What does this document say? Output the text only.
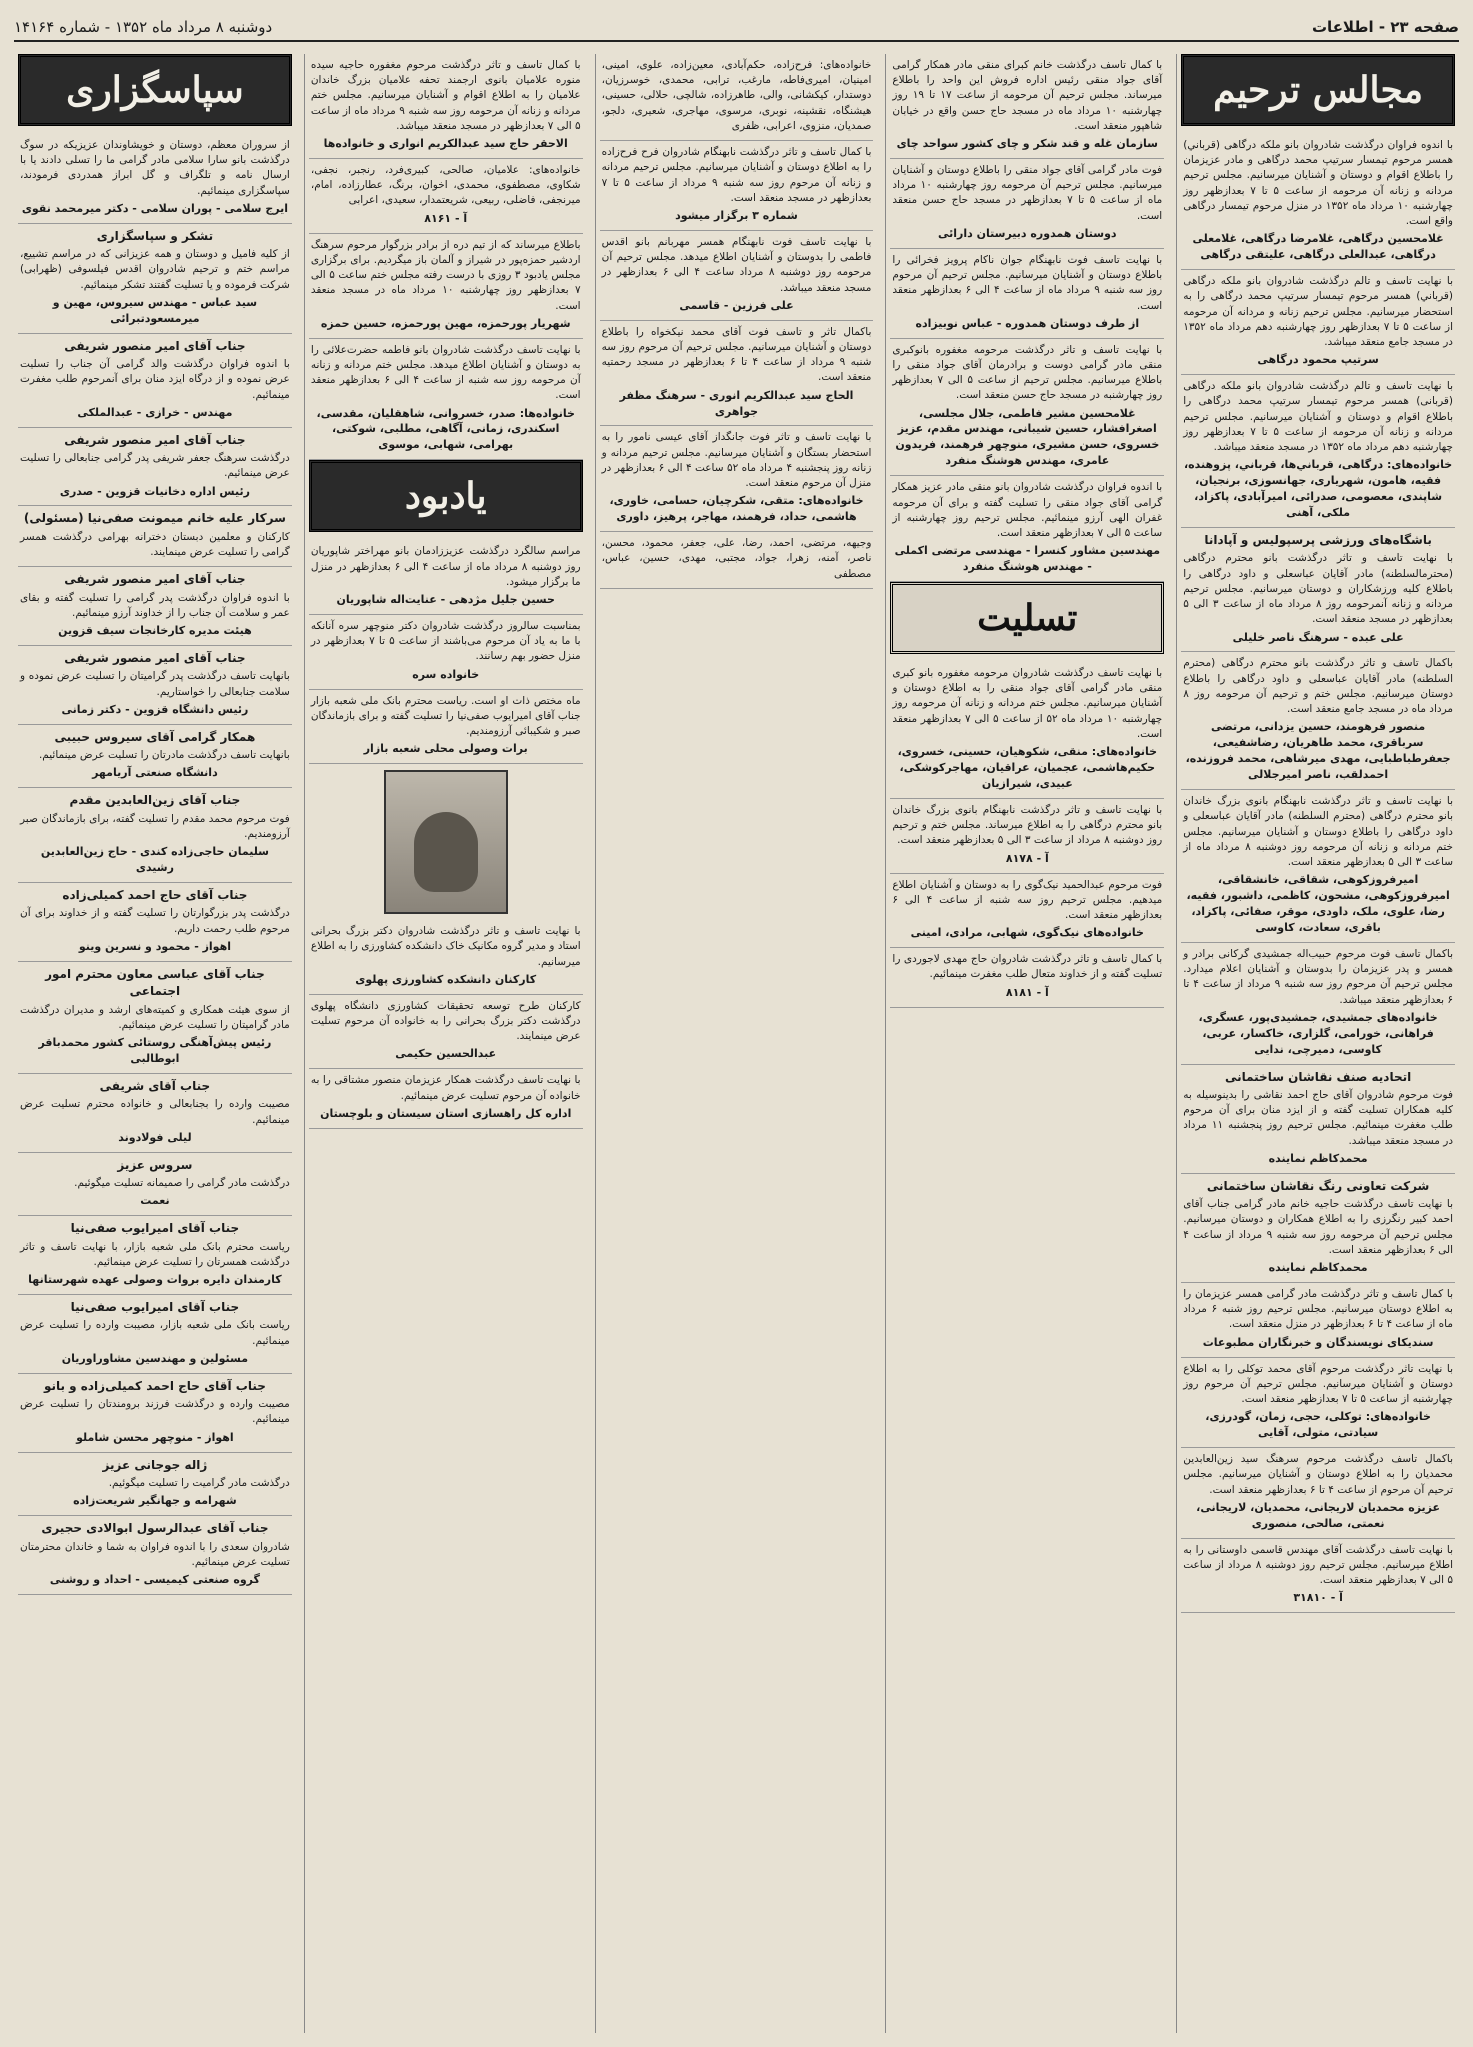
صفحه ۲۳ - اطلاعات
دوشنبه ۸ مرداد ماه ۱۳۵۲ - شماره ۱۴۱۶۴
مجالس ترحیم
با اندوه فراوان درگذشت شادروان بانو ملکه درگاهی (قرباني) همسر مرحوم تیمسار سرتیپ محمد درگاهی و مادر عزیزمان را باطلاع اقوام و دوستان و آشنایان میرسانیم. مجلس ترحیم مردانه و زنانه آن مرحومه از ساعت ۵ تا ۷ بعدازظهر روز چهارشنبه ۱۰ مرداد ماه ۱۳۵۲ در منزل مرحوم تیمسار درگاهی واقع است.
غلامحسین درگاهی، غلامرضا درگاهی، غلامعلی درگاهی، عبدالعلی درگاهی، علیتقی درگاهی
با نهایت تاسف و تالم درگذشت شادروان بانو ملکه درگاهی (قرباني) همسر مرحوم تیمسار سرتیپ محمد درگاهی را به استحضار میرسانیم. مجلس ترحیم زنانه و مردانه آن مرحومه از ساعت ۵ تا ۷ بعدازظهر روز چهارشنبه دهم مرداد ماه ۱۳۵۲ در مسجد جامع منعقد میباشد.
سرتیپ محمود درگاهی
با نهایت تاسف و تالم درگذشت شادروان بانو ملکه درگاهی (قربانی) همسر مرحوم تیمسار سرتیپ محمد درگاهی را باطلاع اقوام و دوستان و آشنایان میرسانیم. مجلس ترحیم مردانه و زنانه آن مرحومه از ساعت ۵ تا ۷ بعدازظهر روز چهارشنبه دهم مرداد ماه ۱۳۵۲ در مسجد منعقد میباشد.
خانواده‌های: درگاهی، قرباني‌ها، قرباني، پزوهنده، فقیه، هامون، شهریاری، جهانسوزی، برنجیان، شاپندی، معصومی، صدرائی، امیرآبادی، پاکزاد، ملکی، آهنی
باشگاه‌های ورزشی پرسپولیس و آپادانا
با نهایت تاسف و تاثر درگذشت بانو محترم درگاهی (محترمالسلطنه) مادر آقایان عباسعلی و داود درگاهی را باطلاع کلیه ورزشکاران و دوستان میرسانیم. مجلس ترحیم مردانه و زنانه آنمرحومه روز ۸ مرداد ماه از ساعت ۳ الی ۵ بعدازظهر در مسجد منعقد است.
علی عبده - سرهنگ ناصر خلیلی
باکمال تاسف و تاثر درگذشت بانو محترم درگاهی (محترم السلطنه) مادر آقایان عباسعلی و داود درگاهی را باطلاع دوستان میرسانیم. مجلس ختم و ترحیم آن مرحومه روز ۸ مرداد ماه در مسجد جامع منعقد است.
منصور فرهومند، حسین یزدانی، مرتضی سرباقری، محمد طاهریان، رضاشفیعی، جعفرطباطبایی، مهدی میرشاهی، محمد فروزنده، احمدلقب، ناصر امیرجلالی
با نهایت تاسف و تاثر درگذشت نابهنگام بانوی بزرگ خاندان بانو محترم درگاهی (محترم السلطنه) مادر آقایان عباسعلی و داود درگاهی را باطلاع دوستان و آشنایان میرسانیم. مجلس ختم مردانه و زنانه آن مرحومه روز دوشنبه ۸ مرداد ماه از ساعت ۳ الی ۵ بعدازظهر منعقد است.
امیرفروزکوهی، شقاقی، خانشقاقی، امیرفروزکوهی، مشحون، کاظمی، داشبور، فقیه، رضا، علوی، ملک، داودی، موقر، صفائی، پاکزاد، باقری، سعادت، کاوسی
باکمال تاسف فوت مرحوم حبیب‌اله جمشیدی گرکانی برادر و همسر و پدر عزیزمان را بدوستان و آشنایان اعلام میدارد. مجلس ترحیم آن مرحوم روز سه شنبه ۹ مرداد از ساعت ۴ تا ۶ بعدازظهر منعقد میباشد.
خانواده‌های جمشیدی، جمشیدی‌پور، عسگری، فراهانی، خورامی، گلزاری، خاکسار، عربی، کاوسی، دمیرچی، ندایی
اتحادیه صنف نقاشان ساختمانی
فوت مرحوم شادروان آقای حاج احمد نقاشی را بدینوسیله به کلیه همکاران تسلیت گفته و از ایزد منان برای آن مرحوم طلب مغفرت مینمائیم. مجلس ترحیم روز پنجشنبه ۱۱ مرداد در مسجد منعقد میباشد.
محمدکاظم نماینده
شرکت تعاونی رنگ نقاشان ساختمانی
با نهایت تاسف درگذشت حاجیه خانم مادر گرامی جناب آقای احمد کبیر رنگرزی را به اطلاع همکاران و دوستان میرسانیم. مجلس ترحیم آن مرحومه روز سه شنبه ۹ مرداد از ساعت ۴ الی ۶ بعدازظهر منعقد است.
محمدکاظم نماینده
با کمال تاسف و تاثر درگذشت مادر گرامی همسر عزیزمان را به اطلاع دوستان میرسانیم. مجلس ترحیم روز شنبه ۶ مرداد ماه از ساعت ۴ تا ۶ بعدازظهر در منزل منعقد است.
سندیکای نویسندگان و خبرنگاران مطبوعات
با نهایت تاثر درگذشت مرحوم آقای محمد توکلی را به اطلاع دوستان و آشنایان میرسانیم. مجلس ترحیم آن مرحوم روز چهارشنبه از ساعت ۵ تا ۷ بعدازظهر منعقد است.
خانواده‌های: توکلی، حجی، زمان، گودرزی، سیادتی، متولی، آقایی
باکمال تاسف درگذشت مرحوم سرهنگ سید زین‌العابدین محمدیان را به اطلاع دوستان و آشنایان میرسانیم. مجلس ترحیم آن مرحوم از ساعت ۴ تا ۶ بعدازظهر منعقد است.
عزیزه محمدیان لاریجانی، محمدیان، لاریجانی، نعمتی، صالحی، منصوری
با نهایت تاسف درگذشت آقای مهندس قاسمی داوستانی را به اطلاع میرسانیم. مجلس ترحیم روز دوشنبه ۸ مرداد از ساعت ۵ الی ۷ بعدازظهر منعقد است.
آ - ۳۱۸۱۰
با کمال تاسف درگذشت خانم کبرای منقی مادر همکار گرامی آقای جواد منقی رئیس اداره فروش این واحد را باطلاع میرساند. مجلس ترحیم آن مرحومه از ساعت ۱۷ تا ۱۹ روز چهارشنبه ۱۰ مرداد ماه در مسجد حاج حسن واقع در خیابان شاهپور منعقد است.
سازمان غله و قند شکر و چای کشور سواحد چای
فوت مادر گرامی آقای جواد منقی را باطلاع دوستان و آشنایان میرسانیم. مجلس ترحیم آن مرحومه روز چهارشنبه ۱۰ مرداد ماه از ساعت ۵ تا ۷ بعدازظهر در مسجد حاج حسن منعقد است.
دوستان همدوره دبیرستان دارائی
با نهایت تاسف فوت نابهنگام جوان ناکام پرویز فخرائی را باطلاع دوستان و آشنایان میرسانیم. مجلس ترحیم آن مرحوم روز سه شنبه ۹ مرداد ماه از ساعت ۴ الی ۶ بعدازظهر منعقد است.
از طرف دوستان همدوره - عباس نوبیزاده
با نهایت تاسف و تاثر درگذشت مرحومه مغفوره بانوکبری منقی مادر گرامی دوست و برادرمان آقای جواد منقی را باطلاع میرسانیم. مجلس ترحیم از ساعت ۵ الی ۷ بعدازظهر روز چهارشنبه در مسجد حاج حسن منعقد است.
غلامحسین مشیر فاطمی، جلال مجلسی، اصغرافشار، حسین شیبانی، مهندس مقدم، عزیز خسروی، حسن مشیری، منوچهر فرهمند، فریدون عامری، مهندس هوشنگ منفرد
با اندوه فراوان درگذشت شادروان بانو منقی مادر عزیز همکار گرامی آقای جواد منقی را تسلیت گفته و برای آن مرحومه غفران الهی آرزو مینمائیم. مجلس ترحیم روز چهارشنبه از ساعت ۵ الی ۷ بعدازظهر منعقد است.
مهندسین مشاور کنسرا - مهندسی مرتضی اکملی - مهندس هوشنگ منفرد
تسلیت
با نهایت تاسف درگذشت شادروان مرحومه مغفوره بانو کبری منقی مادر گرامی آقای جواد منقی را به اطلاع دوستان و آشنایان میرسانیم. مجلس ختم مردانه و زنانه آن مرحومه روز چهارشنبه ۱۰ مرداد ماه ۵۲ از ساعت ۵ الی ۷ بعدازظهر منعقد است.
خانواده‌های: منقی، شکوهیان، حسینی، خسروی، حکیم‌هاشمی، عجمیان، عراقیان، مهاجرکوشکی، عبیدی، شیرازیان
با نهایت تاسف و تاثر درگذشت نابهنگام بانوی بزرگ خاندان بانو محترم درگاهی را به اطلاع میرساند. مجلس ختم و ترحیم روز دوشنبه ۸ مرداد از ساعت ۳ الی ۵ بعدازظهر منعقد است.
آ - ۸۱۷۸
فوت مرحوم عبدالحمید نیک‌گوی را به دوستان و آشنایان اطلاع میدهیم. مجلس ترحیم روز سه شنبه از ساعت ۴ الی ۶ بعدازظهر منعقد است.
خانواده‌های نیک‌گوی، شهابی، مرادی، امینی
با کمال تاسف و تاثر درگذشت شادروان حاج مهدی لاجوردی را تسلیت گفته و از خداوند متعال طلب مغفرت مینمائیم.
آ - ۸۱۸۱
خانواده‌های: فرح‌زاده، حکم‌آبادی، معین‌زاده، علوی، امینی، امینیان، امیری‌فاطه، مارغب، ترابی، محمدی، خوسرزیان، دوستدار، کیکشانی، والی، طاهرزاده، شالچی، حلالی، حسینی، هیشنگاه، نقشینه، نوبری، مرسوی، مهاجری، شعیری، دلجو، صمدیان، منزوی، اعرابی، ظفری
با کمال تاسف و تاثر درگذشت نابهنگام شادروان فرح فرح‌زاده را به اطلاع دوستان و آشنایان میرسانیم. مجلس ترحیم مردانه و زنانه آن مرحوم روز سه شنبه ۹ مرداد از ساعت ۵ تا ۷ بعدازظهر در مسجد منعقد است.
شماره ۳ برگزار میشود
با نهایت تاسف فوت نابهنگام همسر مهربانم بانو اقدس فاطمی را بدوستان و آشنایان اطلاع میدهد. مجلس ترحیم آن مرحومه روز دوشنبه ۸ مرداد ساعت ۴ الی ۶ بعدازظهر در مسجد منعقد میباشد.
علی فرزین - قاسمی
باکمال تاثر و تاسف فوت آقای محمد نیکخواه را باطلاع دوستان و آشنایان میرسانیم. مجلس ترحیم آن مرحوم روز سه شنبه ۹ مرداد از ساعت ۴ تا ۶ بعدازظهر در مسجد رحمتیه منعقد است.
الحاج سید عبدالکریم انوری - سرهنگ مظفر جواهری
با نهایت تاسف و تاثر فوت جانگداز آقای عیسی نامور را به استحضار بستگان و آشنایان میرسانیم. مجلس ترحیم مردانه و زنانه روز پنجشنبه ۴ مرداد ماه ۵۲ ساعت ۴ الی ۶ بعدازظهر در منزل آن مرحوم منعقد است.
خانواده‌های: متقی، شکرچیان، حسامی، خاوری، هاشمی، حداد، فرهمند، مهاجر، پرهیز، داوری
وجیهه، مرتضی، احمد، رضا، علی، جعفر، محمود، محسن، ناصر، آمنه، زهرا، جواد، مجتبی، مهدی، حسین، عباس، مصطفی
با کمال تاسف و تاثر درگذشت مرحوم مغفوره حاجیه سیده منوره علامیان بانوی ارجمند تحفه علامیان بزرگ خاندان علامیان را به اطلاع اقوام و آشنایان میرسانیم. مجلس ختم مردانه و زنانه آن مرحومه روز سه شنبه ۹ مرداد ماه از ساعت ۵ الی ۷ بعدازظهر در مسجد منعقد میباشد.
الاحقر حاج سید عبدالکریم انواری و خانواده‌ها
خانواده‌های: علامیان، صالحی، کبیری‌فرد، رنجبر، نجفی، شکاوی، مصطفوی، محمدی، اخوان، برنگ، عطارزاده، امام، میرنجفی، فاضلی، ربیعی، شریعتمدار، سعیدی، اعرابی
آ - ۸۱۶۱
باطلاع میرساند که از تیم دره از برادر بزرگوار مرحوم سرهنگ اردشیر حمزه‌پور در شیراز و آلمان باز میگردیم. برای برگزاری مجلس یادبود ۳ روزی با درست رفته مجلس ختم ساعت ۵ الی ۷ بعدازظهر روز چهارشنبه ۱۰ مرداد ماه در مسجد منعقد است.
شهریار پورحمزه، مهین پورحمزه، حسین حمزه
با نهایت تاسف درگذشت شادروان بانو فاطمه حضرت‌علائی را به دوستان و آشنایان اطلاع میدهد. مجلس ختم مردانه و زنانه آن مرحومه روز سه شنبه از ساعت ۴ الی ۶ بعدازظهر منعقد است.
خانواده‌ها: صدر، خسروانی، شاهقلیان، مقدسی، اسکندری، زمانی، آگاهی، مطلبی، شوکتی، بهرامی، شهابی، موسوی
یادبود
مراسم سالگرد درگذشت عزیززادمان بانو مهراختر شاپوریان روز دوشنبه ۸ مرداد ماه از ساعت ۴ الی ۶ بعدازظهر در منزل ما برگزار میشود.
حسین جلیل مژدهی - عنایت‌اله شاپوریان
بمناسبت سالروز درگذشت شادروان دکتر منوچهر سره آنانکه با ما به یاد آن مرحوم می‌باشند از ساعت ۵ تا ۷ بعدازظهر در منزل حضور بهم رسانند.
خانواده سره
ماه مختص ذات او است. ریاست محترم بانک ملی شعبه بازار جناب آقای امیرایوب صفی‌نیا را تسلیت گفته و برای بازماندگان صبر و شکیبائی آرزومندیم.
برات وصولی محلی شعبه بازار
با نهایت تاسف و تاثر درگذشت شادروان دکتر بزرگ بحرانی استاد و مدیر گروه مکانیک خاک دانشکده کشاورزی را به اطلاع میرسانیم.
کارکنان دانشکده کشاورزی پهلوی
کارکنان طرح توسعه تحقیقات کشاورزی دانشگاه پهلوی درگذشت دکتر بزرگ بحرانی را به خانواده آن مرحوم تسلیت عرض مینمایند.
عبدالحسین حکیمی
با نهایت تاسف درگذشت همکار عزیزمان منصور مشتاقی را به خانواده آن مرحوم تسلیت عرض مینمائیم.
اداره کل راهسازی استان سیستان و بلوچستان
سپاسگزاری
از سروران معظم، دوستان و خویشاوندان عزیزیکه در سوگ درگذشت بانو سارا سلامی مادر گرامی ما را تسلی دادند یا با ارسال نامه و تلگراف و گل ابراز همدردی فرمودند، سپاسگزاری مینمائیم.
ایرج سلامی - پوران سلامی - دکتر میرمحمد نقوی
تشکر و سپاسگزاری
از کلیه فامیل و دوستان و همه عزیزانی که در مراسم تشییع، مراسم ختم و ترحیم شادروان اقدس فیلسوفی (ظهرابی) شرکت فرموده و یا تسلیت گفتند تشکر مینمائیم.
سید عباس - مهندس سیروس، مهین و میرمسعودتبرائی
جناب آقای امیر منصور شریفی
با اندوه فراوان درگذشت والد گرامی آن جناب را تسلیت عرض نموده و از درگاه ایزد منان برای آنمرحوم طلب مغفرت مینمائیم.
مهندس - خرازی - عبدالملکی
جناب آقای امیر منصور شریفی
درگذشت سرهنگ جعفر شریفی پدر گرامی جنابعالی را تسلیت عرض مینمائیم.
رئیس اداره دخانیات قزوین - صدری
سرکار علیه خانم میمونت صفی‌نیا (مسئولی)
کارکنان و معلمین دبستان دخترانه بهرامی درگذشت همسر گرامی را تسلیت عرض مینمایند.
جناب آقای امیر منصور شریفی
با اندوه فراوان درگذشت پدر گرامی را تسلیت گفته و بقای عمر و سلامت آن جناب را از خداوند آرزو مینمائیم.
هیئت مدیره کارخانجات سیف قزوین
جناب آقای امیر منصور شریفی
بانهایت تاسف درگذشت پدر گرامیتان را تسلیت عرض نموده و سلامت جنابعالی را خواستاریم.
رئیس دانشگاه قزوین - دکتر زمانی
همکار گرامی آقای سیروس حبیبی
بانهایت تاسف درگذشت مادرتان را تسلیت عرض مینمائیم.
دانشگاه صنعتی آریامهر
جناب آقای زین‌العابدین مقدم
فوت مرحوم محمد مقدم را تسلیت گفته، برای بازماندگان صبر آرزومندیم.
سلیمان حاجی‌زاده کندی - حاج زین‌العابدین رشیدی
جناب آقای حاج احمد کمیلی‌زاده
درگذشت پدر بزرگوارتان را تسلیت گفته و از خداوند برای آن مرحوم طلب رحمت داریم.
اهواز - محمود و نسرین وینو
جناب آقای عباسی معاون محترم امور اجتماعی
از سوی هیئت همکاری و کمیته‌های ارشد و مدیران درگذشت مادر گرامیتان را تسلیت عرض مینمائیم.
رئیس پیش‌آهنگی روستائی کشور محمدباقر ابوطالبی
جناب آقای شریفی
مصیبت وارده را بجنابعالی و خانواده محترم تسلیت عرض مینمائیم.
لیلی فولادوند
سروس عزیز
درگذشت مادر گرامی را صمیمانه تسلیت میگوئیم.
نعمت
جناب آقای امیرایوب صفی‌نیا
ریاست محترم بانک ملی شعبه بازار، با نهایت تاسف و تاثر درگذشت همسرتان را تسلیت عرض مینمائیم.
کارمندان دایره بروات وصولی عهده شهرستانها
جناب آقای امیرایوب صفی‌نیا
ریاست بانک ملی شعبه بازار، مصیبت وارده را تسلیت عرض مینمائیم.
مسئولین و مهندسین مشاوراوریان
جناب آقای حاج احمد کمیلی‌زاده و بانو
مصیبت وارده و درگذشت فرزند برومندتان را تسلیت عرض مینمائیم.
اهواز - منوچهر محسن شاملو
ژاله جوجانی عزیز
درگذشت مادر گرامیت را تسلیت میگوئیم.
شهرامه و جهانگیر شریعت‌زاده
جناب آقای عبدالرسول ابوالادی حجیری
شادروان سعدی را با اندوه فراوان به شما و خاندان محترمتان تسلیت عرض مینمائیم.
گروه صنعتی کیمیسی - احداد و روشنی
